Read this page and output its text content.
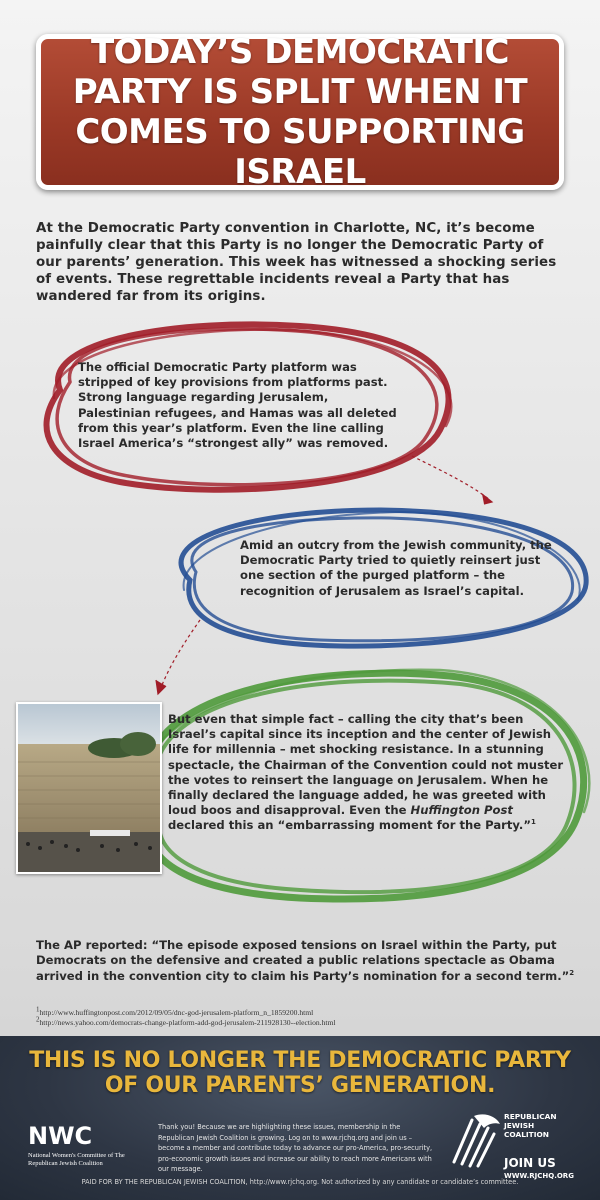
TODAY’S DEMOCRATIC PARTY IS SPLIT WHEN IT COMES TO SUPPORTING ISRAEL

At the Democratic Party convention in Charlotte, NC, it’s become painfully clear that this Party is no longer the Democratic Party of our parents’ generation. This week has witnessed a shocking series of events. These regrettable incidents reveal a Party that has wandered far from its origins.

The official Democratic Party platform was stripped of key provisions from platforms past. Strong language regarding Jerusalem, Palestinian refugees, and Hamas was all deleted from this year’s platform. Even the line calling Israel America’s “strongest ally” was removed.

Amid an outcry from the Jewish community, the Democratic Party tried to quietly reinsert just one section of the purged platform – the recognition of Jerusalem as Israel’s capital.

But even that simple fact – calling the city that’s been Israel’s capital since its inception and the center of Jewish life for millennia – met shocking resistance. In a stunning spectacle, the Chairman of the Convention could not muster the votes to reinsert the language on Jerusalem. When he finally declared the language added, he was greeted with loud boos and disapproval. Even the Huffington Post declared this an “embarrassing moment for the Party.”$^1$

The AP reported: “The episode exposed tensions on Israel within the Party, put Democrats on the defensive and created a public relations spectacle as Obama arrived in the convention city to claim his Party’s nomination for a second term.”$^2$

$^1$http://www.huffingtonpost.com/2012/09/05/dnc-god-jerusalem-platform_n_1859200.html
$^2$http://news.yahoo.com/democrats-change-platform-add-god-jerusalem-211928130--election.html
THIS IS NO LONGER THE DEMOCRATIC PARTY
OF OUR PARENTS’ GENERATION.
NWC
National Women's Committee of The Republican Jewish Coalition

Thank you! Because we are highlighting these issues, membership in the Republican Jewish Coalition is growing. Log on to www.rjchq.org and join us – become a member and contribute today to advance our pro-America, pro-security, pro-economic growth issues and increase our ability to reach more Americans with our message.

REPUBLICAN
JEWISH
COALITION
JOIN US
WWW.RJCHQ.ORG
PAID FOR BY THE REPUBLICAN JEWISH COALITION, http://www.rjchq.org. Not authorized by any candidate or candidate’s committee.
